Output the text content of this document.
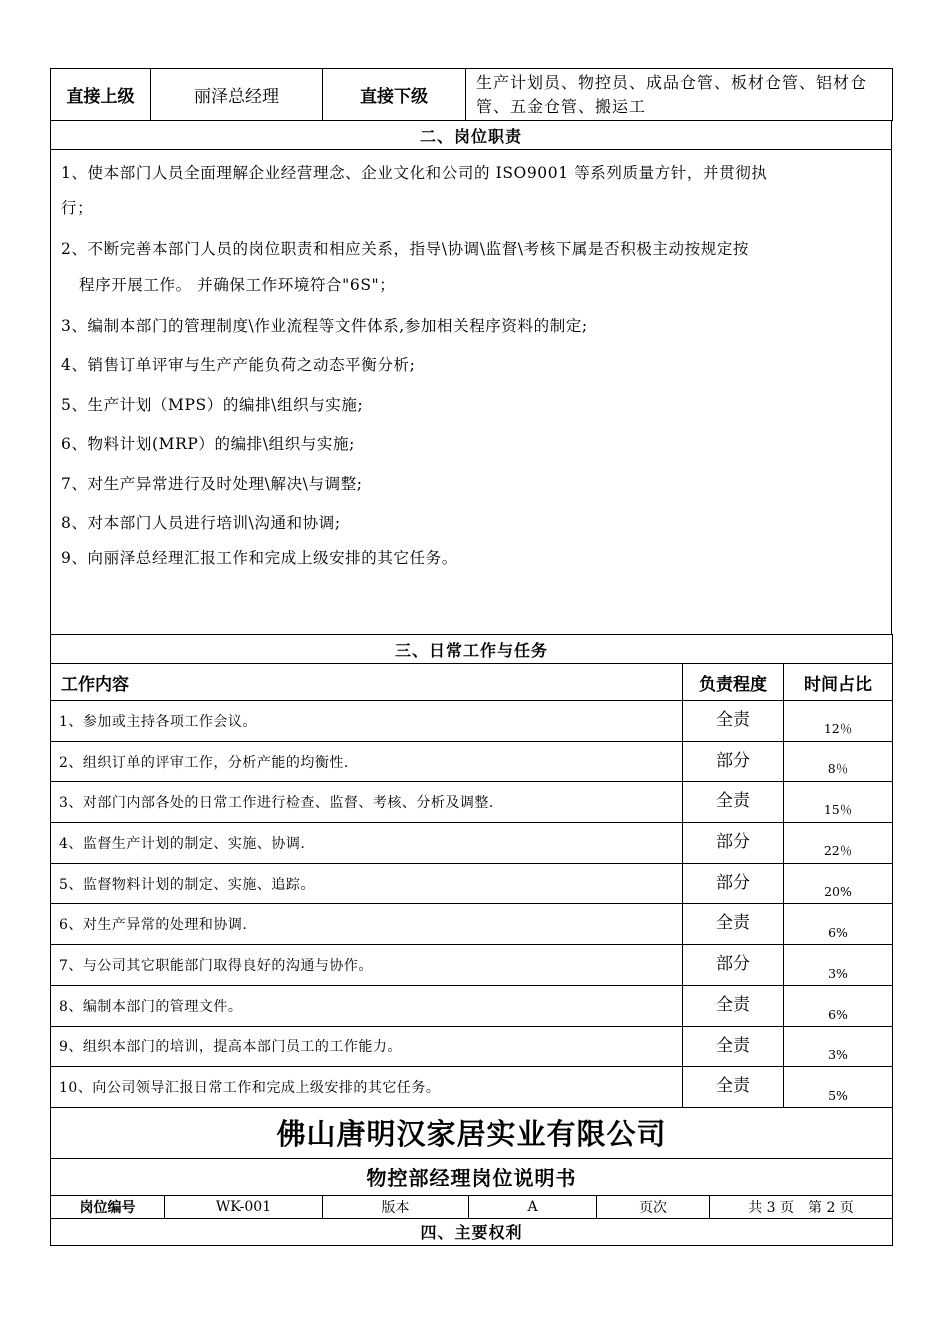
直接上级	丽泽总经理	直接下级	生产计划员、物控员、成品仓管、板材仓管、铝材仓管、五金仓管、搬运工
二、岗位职责

1、使本部门人员全面理解企业经营理念、企业文化和公司的 ISO9001 等系列质量方针，并贯彻执
行；
2、不断完善本部门人员的岗位职责和相应关系，指导\协调\监督\考核下属是否积极主动按规定按
程序开展工作。 并确保工作环境符合"6S"；
3、编制本部门的管理制度\作业流程等文件体系,参加相关程序资料的制定;
4、销售订单评审与生产产能负荷之动态平衡分析;
5、生产计划（MPS）的编排\组织与实施;
6、物料计划(MRP）的编排\组织与实施;
7、对生产异常进行及时处理\解决\与调整;
8、对本部门人员进行培训\沟通和协调;
9、向丽泽总经理汇报工作和完成上级安排的其它任务。
三、日常工作与任务		
工作内容	负责程度	时间占比
1、参加或主持各项工作会议。	全责	12％
2、组织订单的评审工作，分析产能的均衡性.	部分	8％
3、对部门内部各处的日常工作进行检查、监督、考核、分析及调整.	全责	15％
4、监督生产计划的制定、实施、协调.	部分	22％
5、监督物料计划的制定、实施、追踪。	部分	20%
6、对生产异常的处理和协调.	全责	6%
7、与公司其它职能部门取得良好的沟通与协作。	部分	3%
8、编制本部门的管理文件。	全责	6%
9、组织本部门的培训，提高本部门员工的工作能力。	全责	3%
10、向公司领导汇报日常工作和完成上级安排的其它任务。	全责	5%
佛山唐明汉家居实业有限公司
物控部经理岗位说明书
岗位编号	WK-001	版本	A	页次	共 3 页　第 2 页
四、主要权利
